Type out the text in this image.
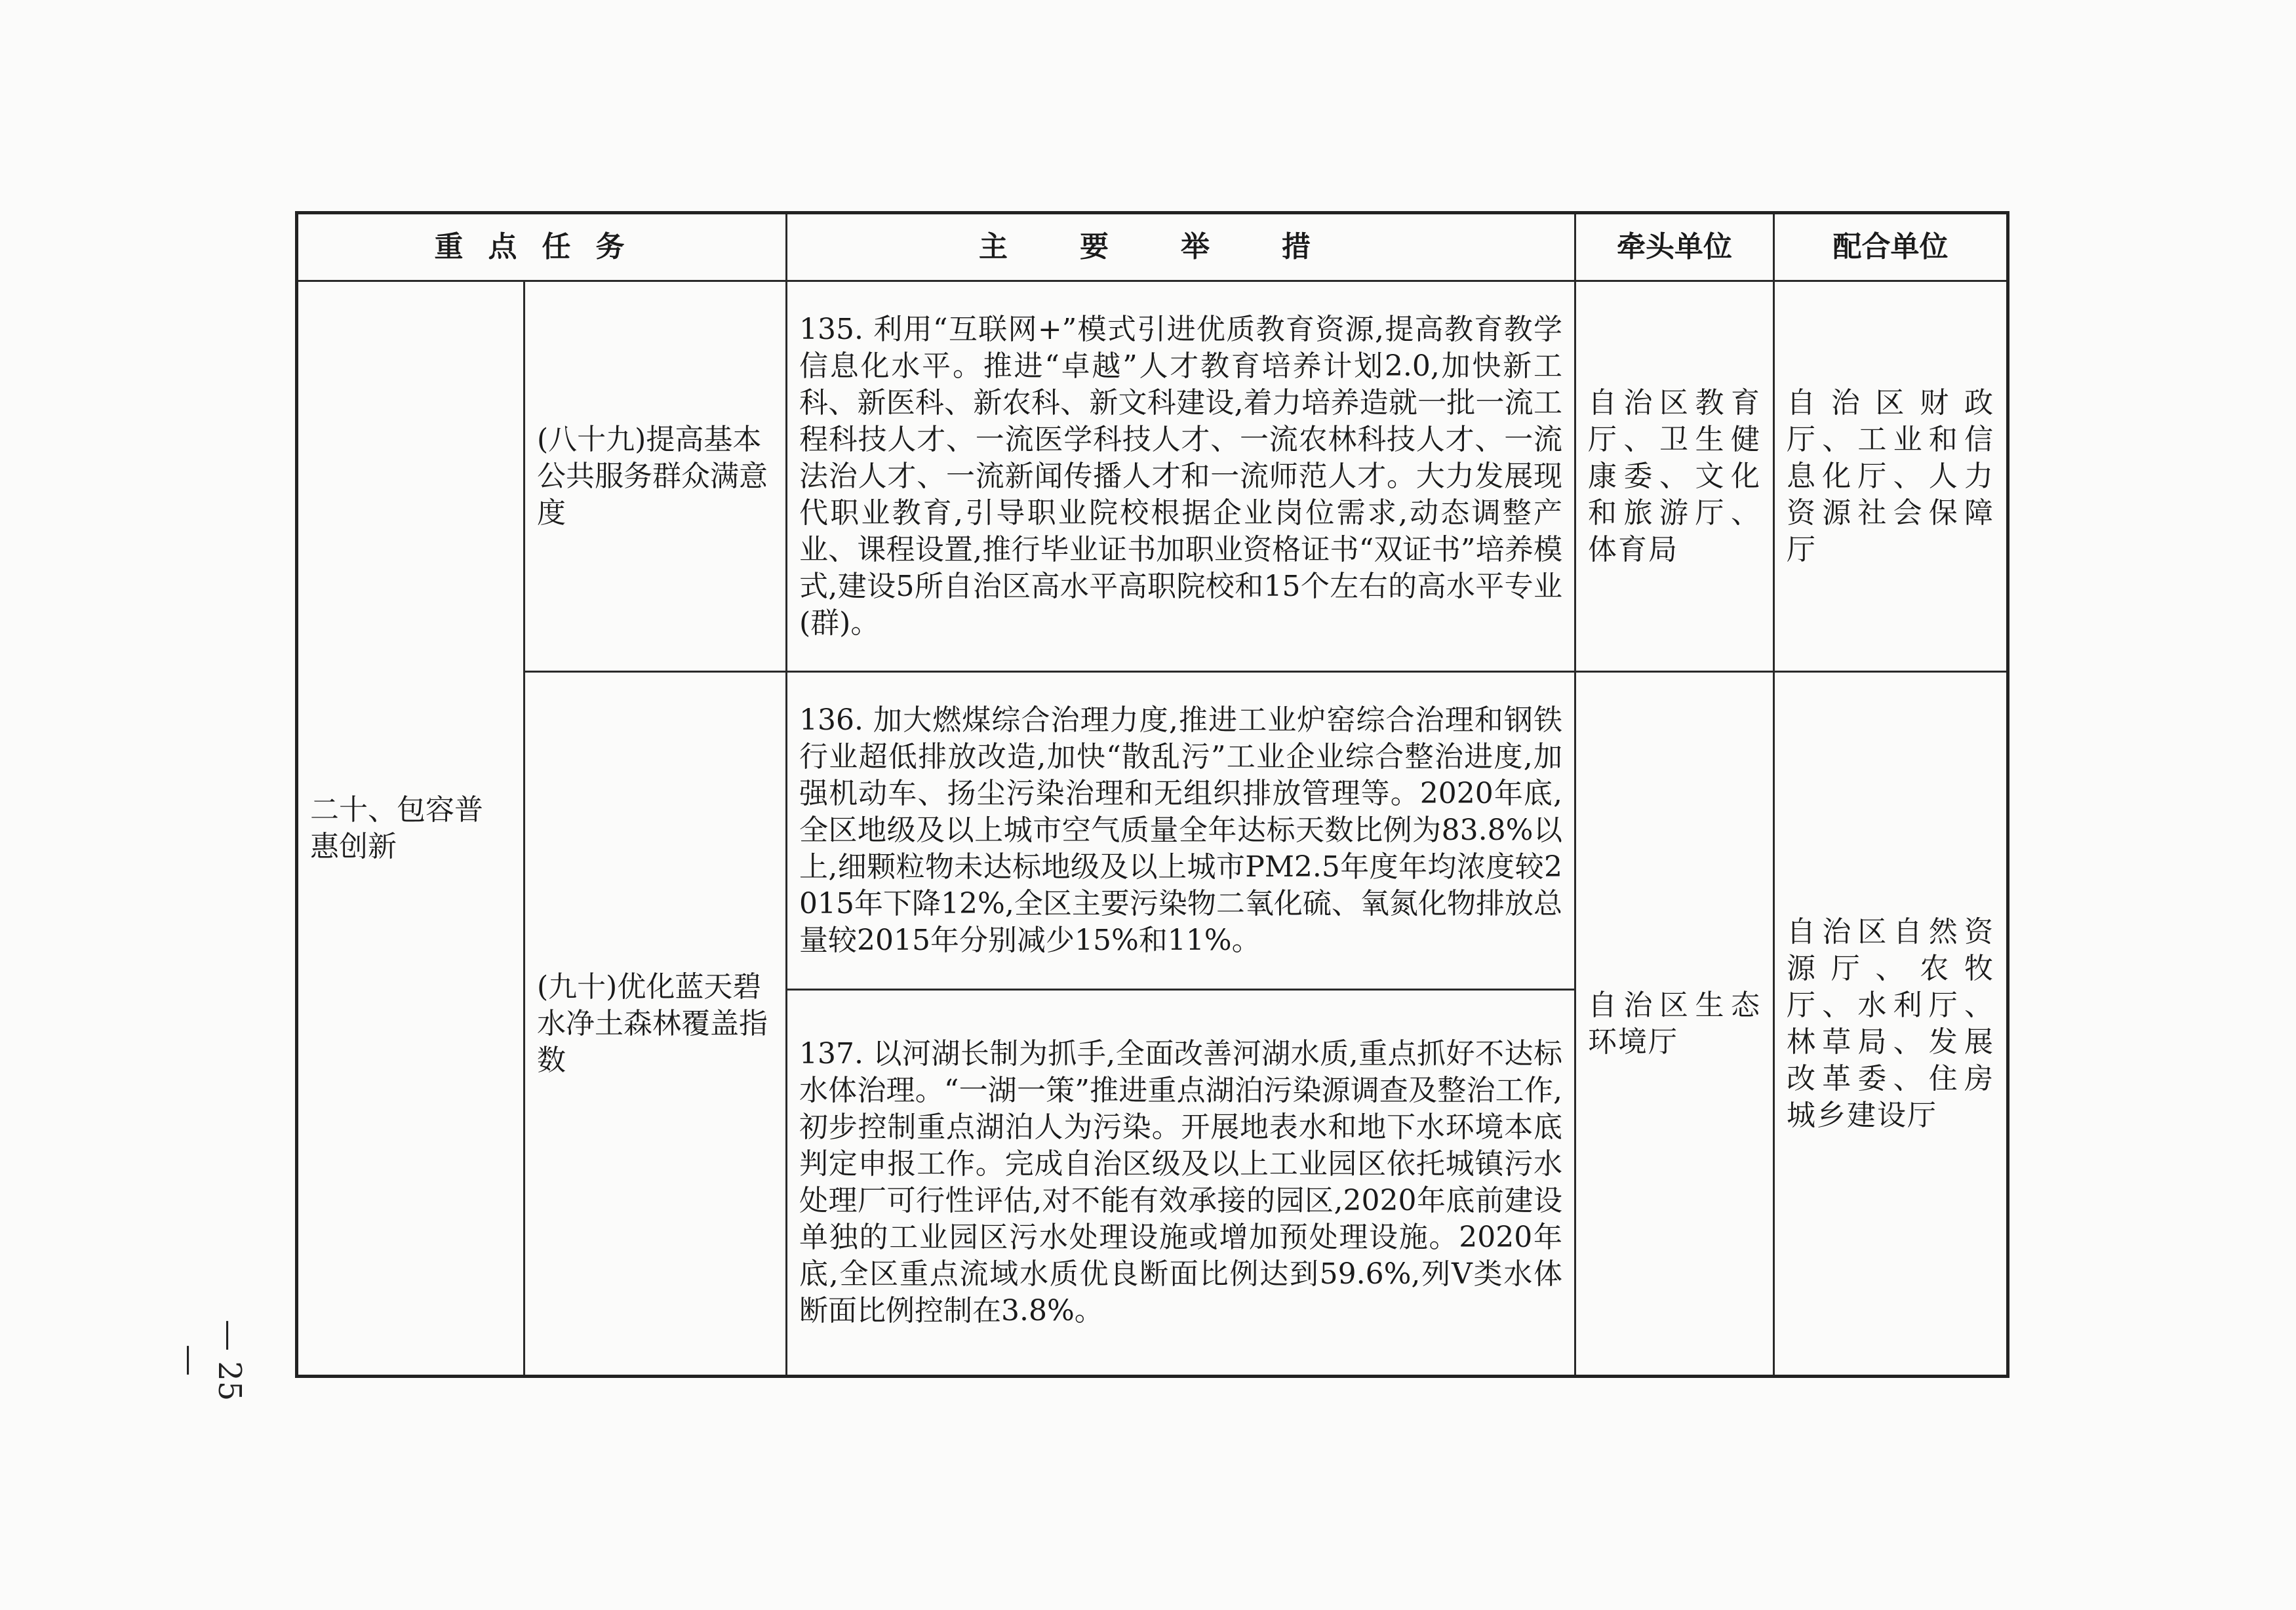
重点任务		主要举措	牵头单位	配合单位
二十、包容普惠创新	(八十九)提高基本公共服务群众满意度	135. 利用“互联网+”模式引进优质教育资源,提高教育教学信息化水平。推进“卓越”人才教育培养计划2.0,加快新工科、新医科、新农科、新文科建设,着力培养造就一批一流工程科技人才、一流医学科技人才、一流农林科技人才、一流法治人才、一流新闻传播人才和一流师范人才。大力发展现代职业教育,引导职业院校根据企业岗位需求,动态调整产业、课程设置,推行毕业证书加职业资格证书“双证书”培养模式,建设5所自治区高水平高职院校和15个左右的高水平专业(群)。	自治区教育厅、卫生健康委、文化和旅游厅、体育局	自治区财政厅、工业和信息化厅、人力资源社会保障厅
	(九十)优化蓝天碧水净土森林覆盖指数	136. 加大燃煤综合治理力度,推进工业炉窑综合治理和钢铁行业超低排放改造,加快“散乱污”工业企业综合整治进度,加强机动车、扬尘污染治理和无组织排放管理等。2020年底,全区地级及以上城市空气质量全年达标天数比例为83.8%以上,细颗粒物未达标地级及以上城市PM2.5年度年均浓度较2015年下降12%,全区主要污染物二氧化硫、氧氮化物排放总量较2015年分别减少15%和11%。	自治区生态环境厅	自治区自然资源厅、农牧厅、水利厅、林草局、发展改革委、住房城乡建设厅
		137. 以河湖长制为抓手,全面改善河湖水质,重点抓好不达标水体治理。“一湖一策”推进重点湖泊污染源调查及整治工作,初步控制重点湖泊人为污染。开展地表水和地下水环境本底判定申报工作。完成自治区级及以上工业园区依托城镇污水处理厂可行性评估,对不能有效承接的园区,2020年底前建设单独的工业园区污水处理设施或增加预处理设施。2020年底,全区重点流域水质优良断面比例达到59.6%,列Ⅴ类水体断面比例控制在3.8%。		
— 25 —
